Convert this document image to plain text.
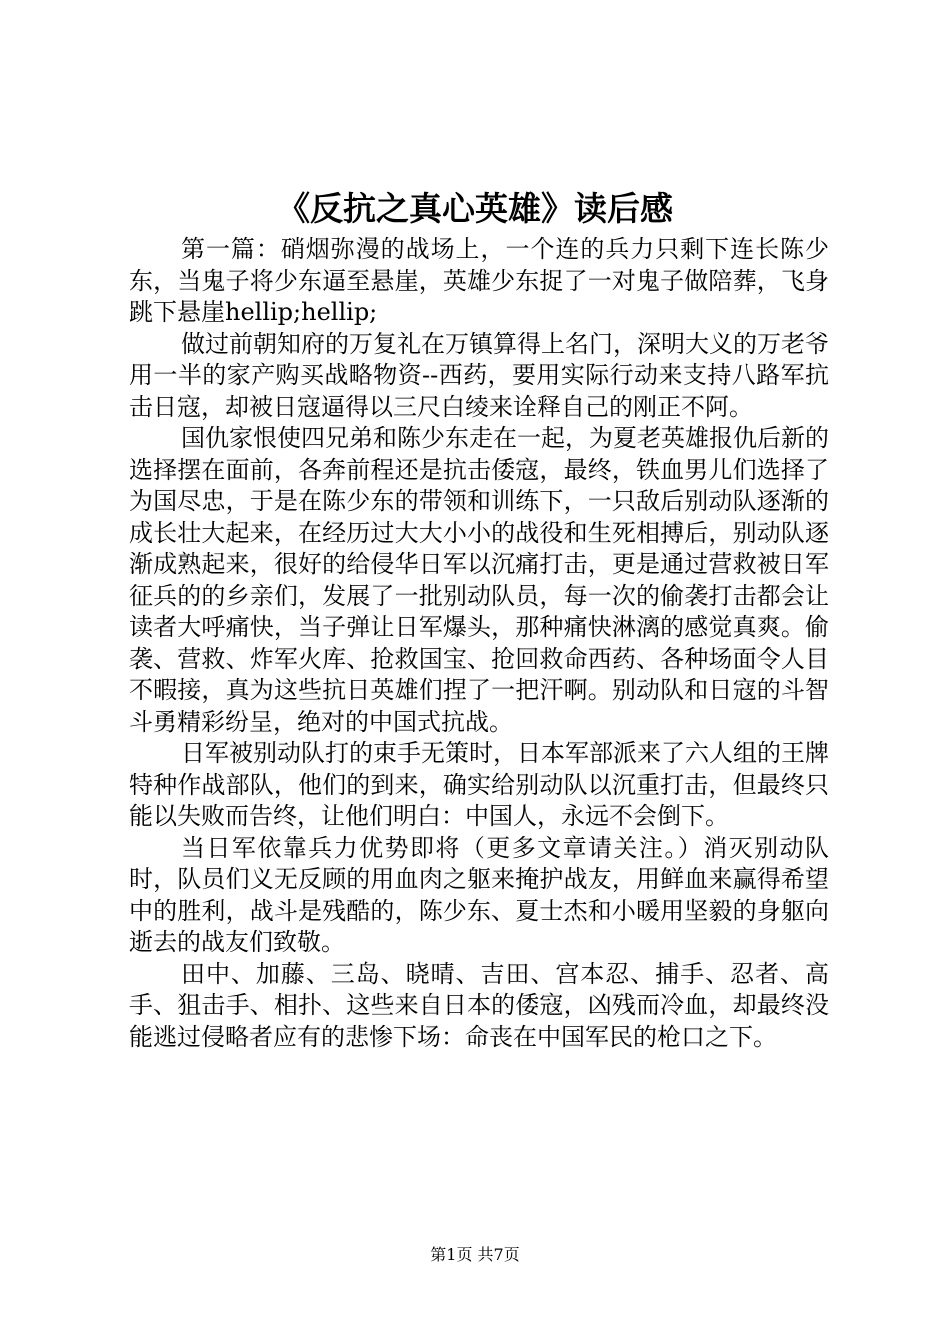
《反抗之真心英雄》读后感

第一篇：硝烟弥漫的战场上，一个连的兵力只剩下连长陈少东，当鬼子将少东逼至悬崖，英雄少东捉了一对鬼子做陪葬，飞身跳下悬崖hellip;hellip;

做过前朝知府的万复礼在万镇算得上名门，深明大义的万老爷用一半的家产购买战略物资--西药，要用实际行动来支持八路军抗击日寇，却被日寇逼得以三尺白绫来诠释自己的刚正不阿。

国仇家恨使四兄弟和陈少东走在一起，为夏老英雄报仇后新的选择摆在面前，各奔前程还是抗击倭寇，最终，铁血男儿们选择了为国尽忠，于是在陈少东的带领和训练下，一只敌后别动队逐渐的成长壮大起来，在经历过大大小小的战役和生死相搏后，别动队逐渐成熟起来，很好的给侵华日军以沉痛打击，更是通过营救被日军征兵的的乡亲们，发展了一批别动队员，每一次的偷袭打击都会让读者大呼痛快，当子弹让日军爆头，那种痛快淋漓的感觉真爽。偷袭、营救、炸军火库、抢救国宝、抢回救命西药、各种场面令人目不暇接，真为这些抗日英雄们捏了一把汗啊。别动队和日寇的斗智斗勇精彩纷呈，绝对的中国式抗战。

日军被别动队打的束手无策时，日本军部派来了六人组的王牌特种作战部队，他们的到来，确实给别动队以沉重打击，但最终只能以失败而告终，让他们明白：中国人，永远不会倒下。

当日军依靠兵力优势即将（更多文章请关注。）消灭别动队时，队员们义无反顾的用血肉之躯来掩护战友，用鲜血来赢得希望中的胜利，战斗是残酷的，陈少东、夏士杰和小暖用坚毅的身躯向逝去的战友们致敬。

田中、加藤、三岛、晓晴、吉田、宫本忍、捕手、忍者、高手、狙击手、相扑、这些来自日本的倭寇，凶残而冷血，却最终没能逃过侵略者应有的悲惨下场：命丧在中国军民的枪口之下。

第1页 共7页
